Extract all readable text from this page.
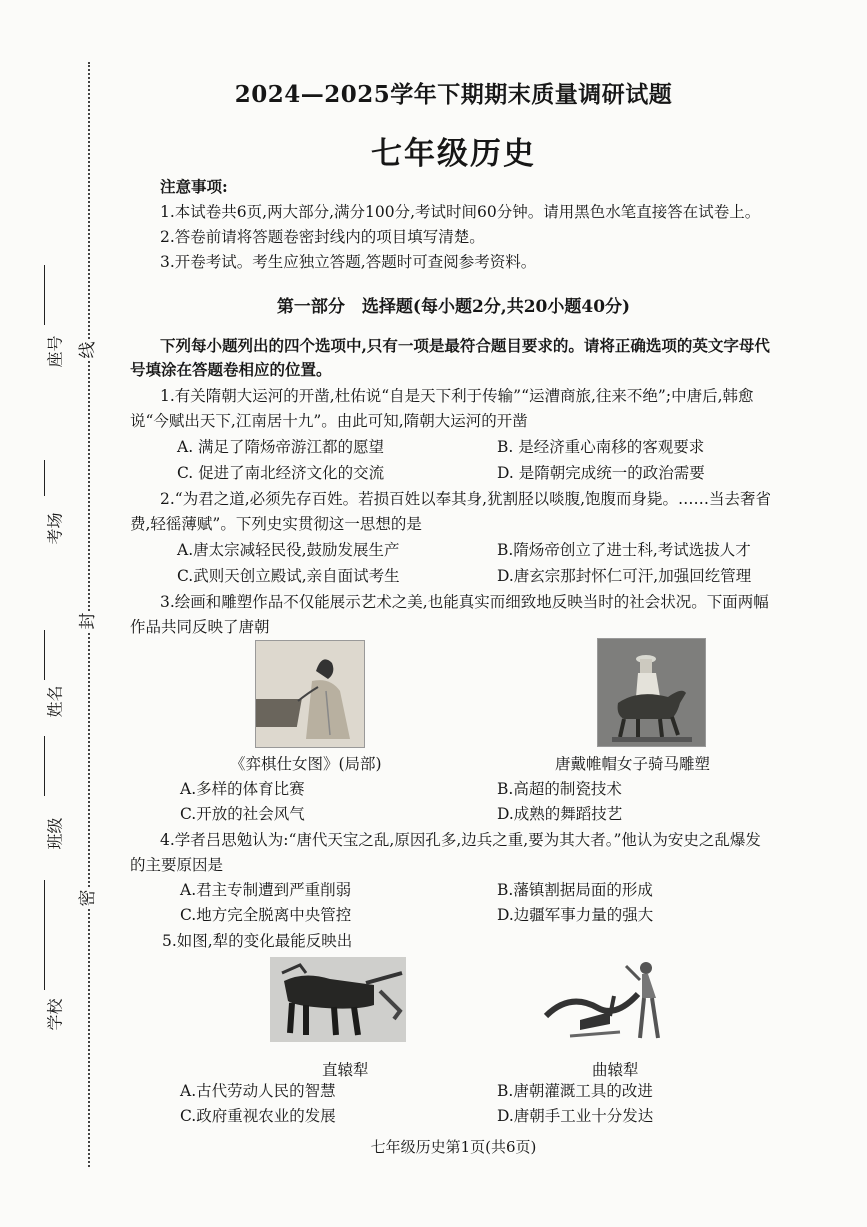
线
封
密
座号
考场
姓名
班级
学校
2024—2025学年下期期末质量调研试题
七年级历史
注意事项:
1.本试卷共6页,两大部分,满分100分,考试时间60分钟。请用黑色水笔直接答在试卷上。
2.答卷前请将答题卷密封线内的项目填写清楚。
3.开卷考试。考生应独立答题,答题时可查阅参考资料。
第一部分　选择题(每小题2分,共20小题40分)
下列每小题列出的四个选项中,只有一项是最符合题目要求的。请将正确选项的英文字母代
号填涂在答题卷相应的位置。
1.有关隋朝大运河的开凿,杜佑说“自是天下利于传输”“运漕商旅,往来不绝”;中唐后,韩愈
说“今赋出天下,江南居十九”。由此可知,隋朝大运河的开凿
A. 满足了隋炀帝游江都的愿望	B. 是经济重心南移的客观要求
C. 促进了南北经济文化的交流	D. 是隋朝完成统一的政治需要
2.“为君之道,必须先存百姓。若损百姓以奉其身,犹割胫以啖腹,饱腹而身毙。……当去奢省
费,轻徭薄赋”。下列史实贯彻这一思想的是
A.唐太宗减轻民役,鼓励发展生产	B.隋炀帝创立了进士科,考试选拔人才
C.武则天创立殿试,亲自面试考生	D.唐玄宗那封怀仁可汗,加强回纥管理
3.绘画和雕塑作品不仅能展示艺术之美,也能真实而细致地反映当时的社会状况。下面两幅
作品共同反映了唐朝
《弈棋仕女图》(局部)	唐戴帷帽女子骑马雕塑
A.多样的体育比赛	B.高超的制瓷技术
C.开放的社会风气	D.成熟的舞蹈技艺
4.学者吕思勉认为:“唐代天宝之乱,原因孔多,边兵之重,要为其大者。”他认为安史之乱爆发
的主要原因是
A.君主专制遭到严重削弱	B.藩镇割据局面的形成
C.地方完全脱离中央管控	D.边疆军事力量的强大
5.如图,犁的变化最能反映出
直辕犁	曲辕犁
A.古代劳动人民的智慧	B.唐朝灌溉工具的改进
C.政府重视农业的发展	D.唐朝手工业十分发达
七年级历史第1页(共6页)
